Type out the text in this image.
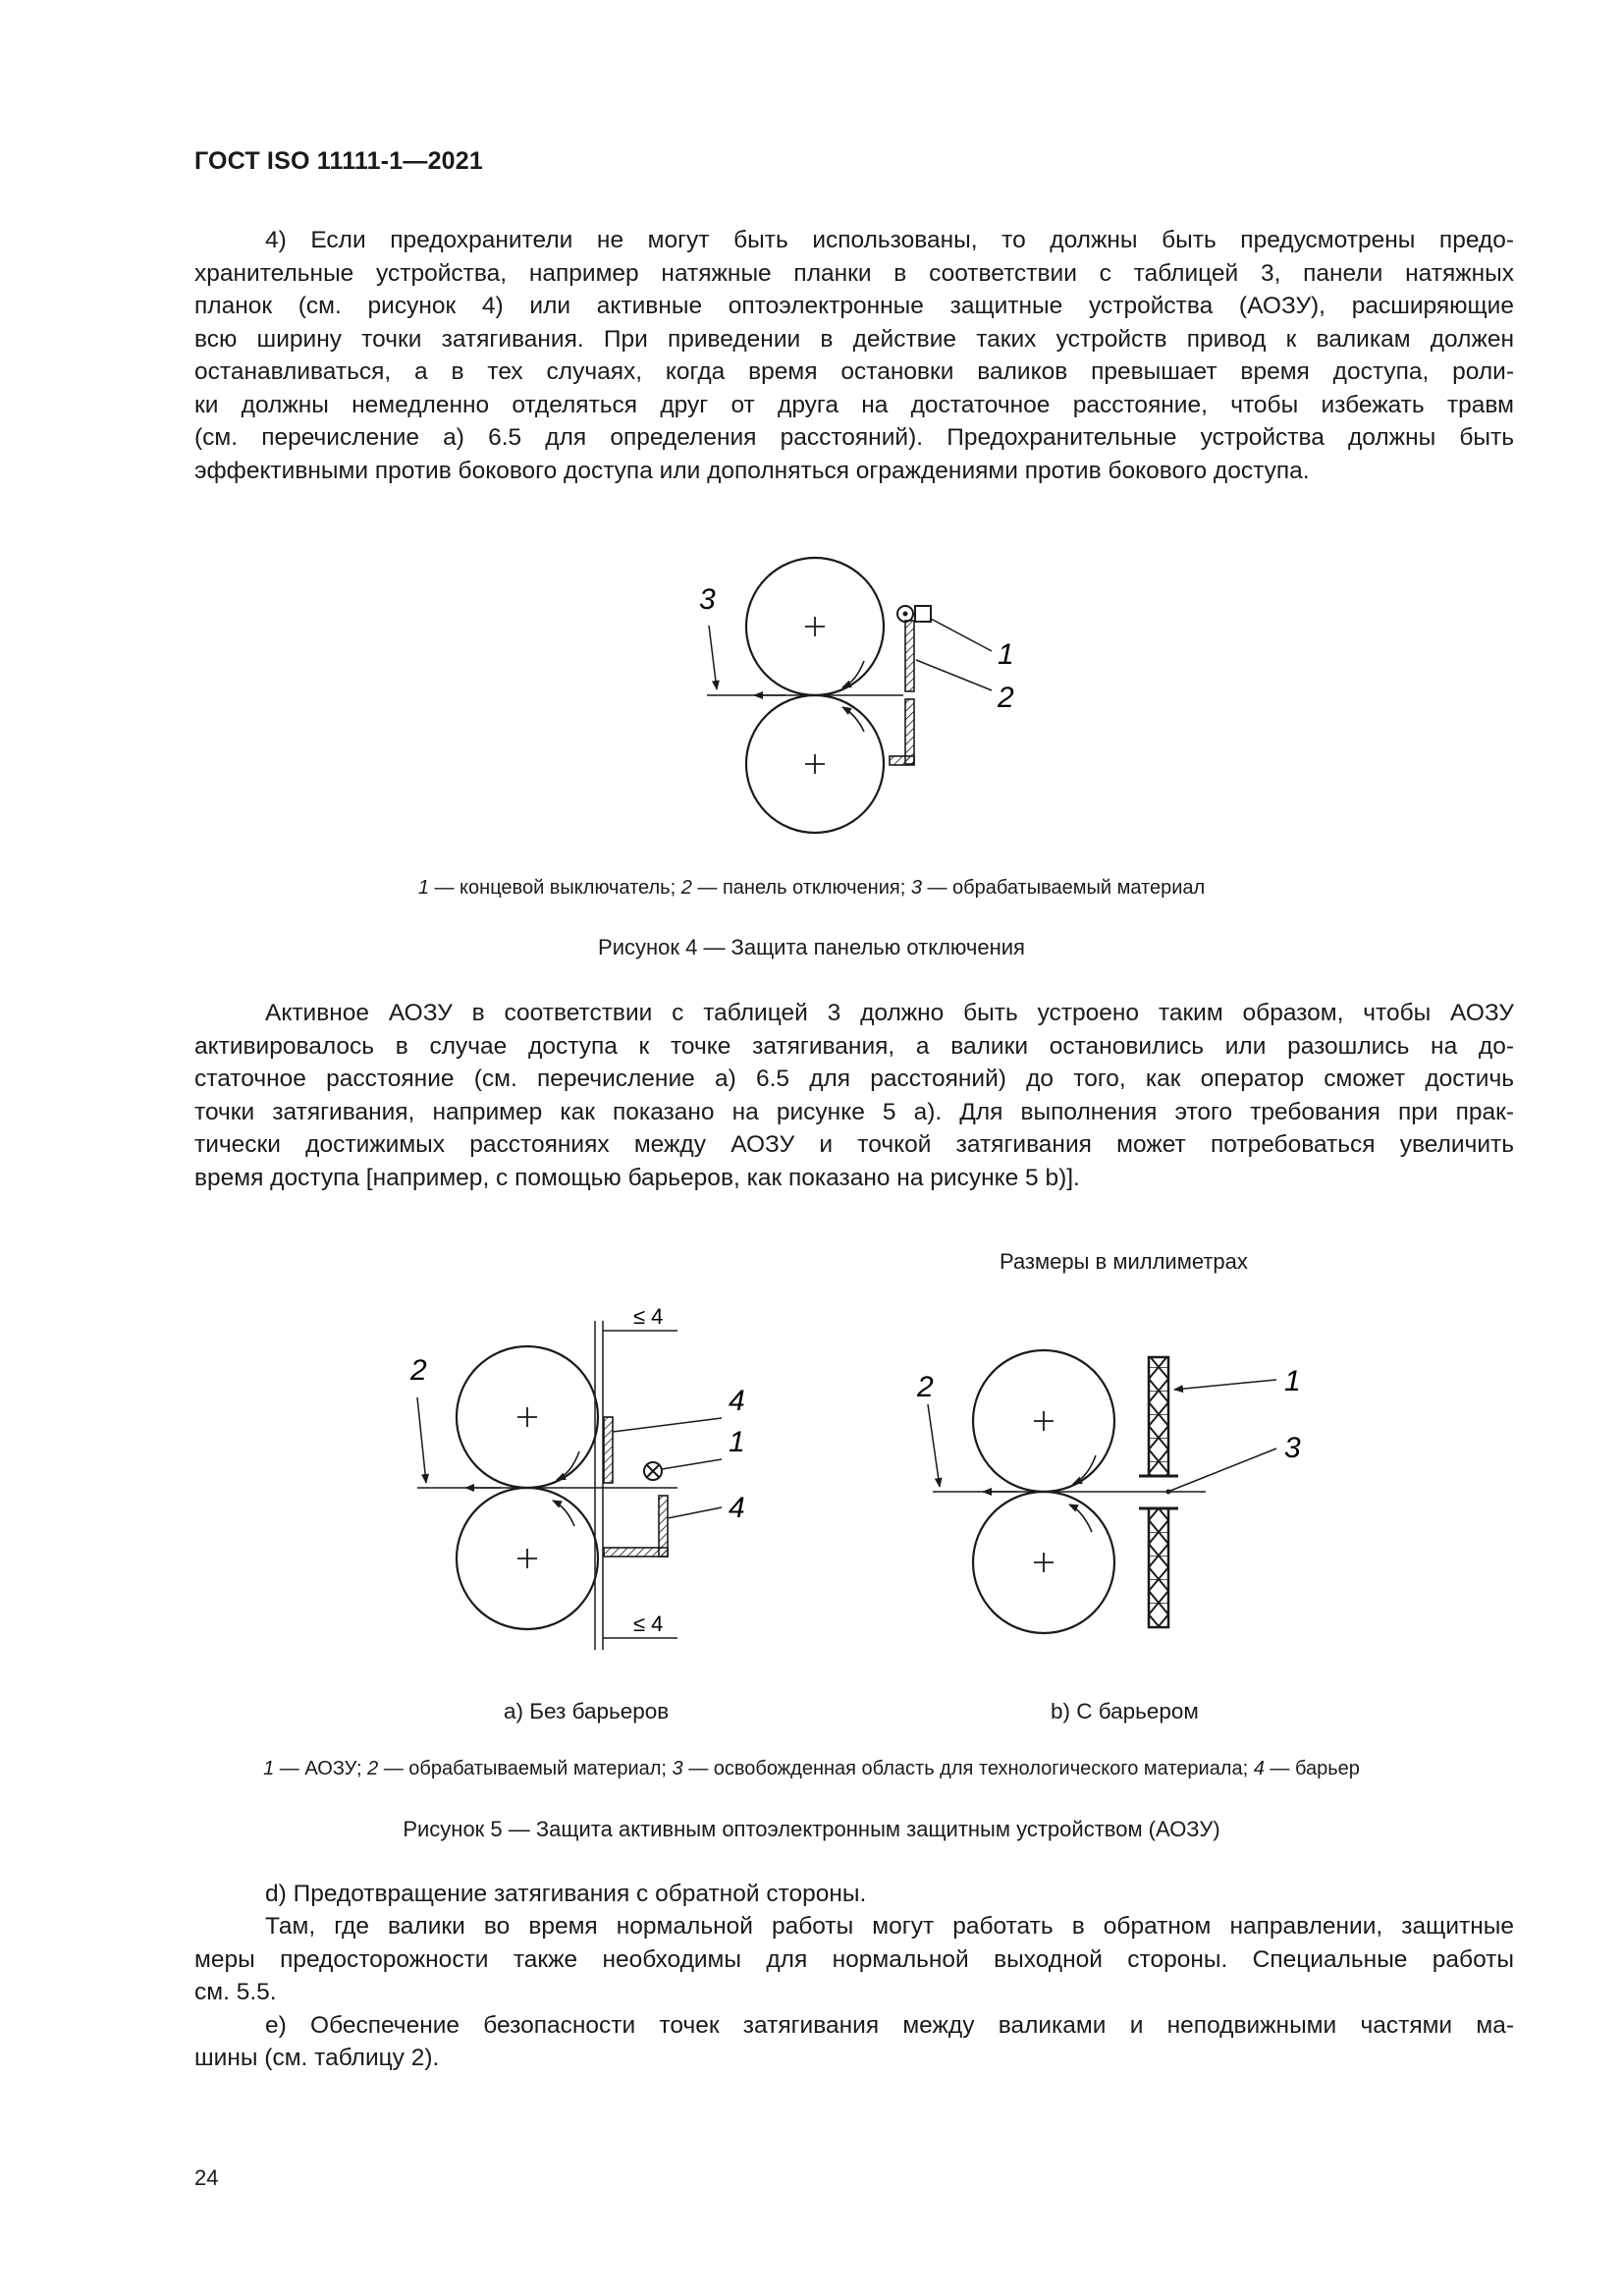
ГОСТ ISO 11111-1—2021
4) Если предохранители не могут быть использованы, то должны быть предусмотрены предо-
хранительные устройства, например натяжные планки в соответствии с таблицей 3, панели натяжных
планок (см. рисунок 4) или активные оптоэлектронные защитные устройства (АОЗУ), расширяющие
всю ширину точки затягивания. При приведении в действие таких устройств привод к валикам должен
останавливаться, а в тех случаях, когда время остановки валиков превышает время доступа, роли-
ки должны немедленно отделяться друг от друга на достаточное расстояние, чтобы избежать травм
(см. перечисление а) 6.5 для определения расстояний). Предохранительные устройства должны быть
эффективными против бокового доступа или дополняться ограждениями против бокового доступа.
1
2
3
1 — концевой выключатель; 2 — панель отключения; 3 — обрабатываемый материал
Рисунок 4 — Защита панелью отключения
Активное АОЗУ в соответствии с таблицей 3 должно быть устроено таким образом, чтобы АОЗУ
активировалось в случае доступа к точке затягивания, а валики остановились или разошлись на до-
статочное расстояние (см. перечисление а) 6.5 для расстояний) до того, как оператор сможет достичь
точки затягивания, например как показано на рисунке 5 а). Для выполнения этого требования при прак-
тически достижимых расстояниях между АОЗУ и точкой затягивания может потребоваться увеличить
время доступа [например, с помощью барьеров, как показано на рисунке 5 b)].
Размеры в миллиметрах
≤ 4
≤ 4
2
4
1
4
1
3
2
a) Без барьеров	b) С барьером
1 — АОЗУ; 2 — обрабатываемый материал; 3 — освобожденная область для технологического материала; 4 — барьер
Рисунок 5 — Защита активным оптоэлектронным защитным устройством (АОЗУ)
d) Предотвращение затягивания с обратной стороны.
Там, где валики во время нормальной работы могут работать в обратном направлении, защитные
меры предосторожности также необходимы для нормальной выходной стороны. Специальные работы
см. 5.5.
е) Обеспечение безопасности точек затягивания между валиками и неподвижными частями ма-
шины (см. таблицу 2).
24
